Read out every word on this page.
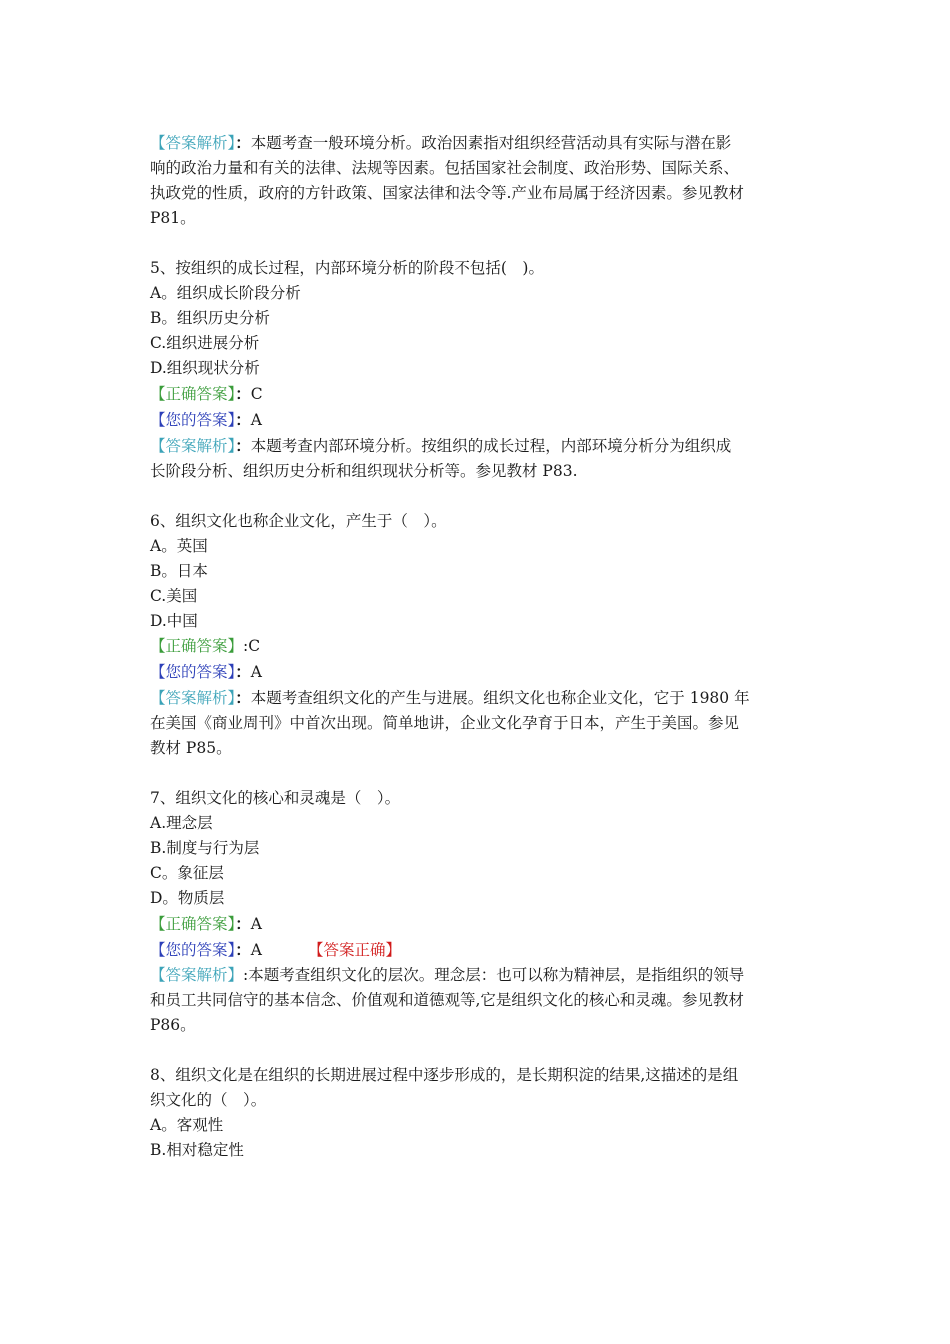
【答案解析】：本题考查一般环境分析。政治因素指对组织经营活动具有实际与潜在影
响的政治力量和有关的法律、法规等因素。包括国家社会制度、政治形势、国际关系、
执政党的性质，政府的方针政策、国家法律和法令等.产业布局属于经济因素。参见教材
P81。
5、按组织的成长过程，内部环境分析的阶段不包括(　)。
A。组织成长阶段分析
B。组织历史分析
C.组织进展分析
D.组织现状分析
【正确答案】：C
【您的答案】：A
【答案解析】：本题考查内部环境分析。按组织的成长过程，内部环境分析分为组织成
长阶段分析、组织历史分析和组织现状分析等。参见教材 P83.
6、组织文化也称企业文化，产生于（　）。
A。英国
B。日本
C.美国
D.中国
【正确答案】:C
【您的答案】：A
【答案解析】：本题考查组织文化的产生与进展。组织文化也称企业文化，它于 1980 年
在美国《商业周刊》中首次出现。简单地讲，企业文化孕育于日本，产生于美国。参见
教材 P85。
7、组织文化的核心和灵魂是（　）。
A.理念层
B.制度与行为层
C。象征层
D。物质层
【正确答案】：A
【您的答案】：A	【答案正确】
【答案解析】:本题考查组织文化的层次。理念层：也可以称为精神层，是指组织的领导
和员工共同信守的基本信念、价值观和道德观等,它是组织文化的核心和灵魂。参见教材
P86。
8、组织文化是在组织的长期进展过程中逐步形成的，是长期积淀的结果,这描述的是组
织文化的（　）。
A。客观性
B.相对稳定性
